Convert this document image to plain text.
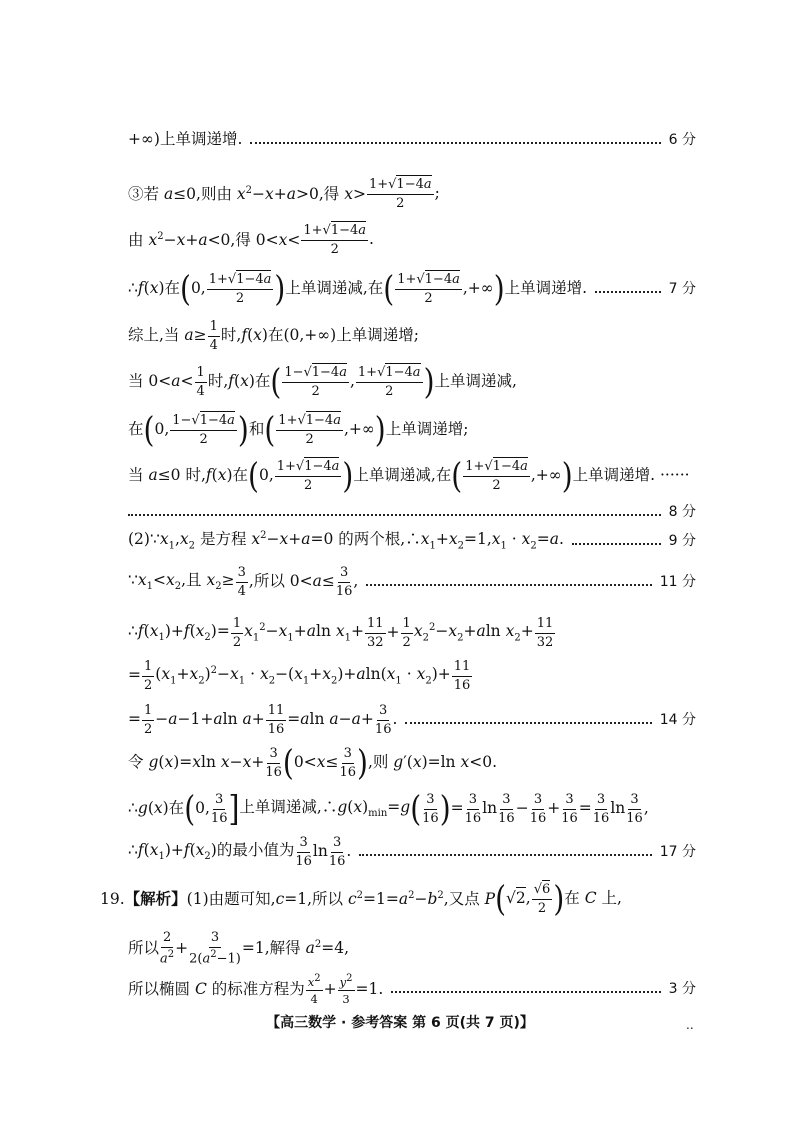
+∞)上单调递增.	6 分
③若 a≤0,则由 $x^2-x+a>0$,得 x>
1+√1−4a
2
;
由 $x^2-x+a<0$,得 0<x<
1+√1−4a
2
.
∴f(x)在 ( 0, 1+√1−4a
2 ) 上单调递减,在 ( 1+√1−4a
2
,+∞ ) 上单调递增.	7 分
综上,当 $a\ge \frac{1}{4}$ 时,f(x)在(0,+∞)上单调递增;
当 0<a< 1
4
时,f(x)在 ( 1−√1−4a
2
, 1+√1−4a
2 ) 上单调递减,
在 ( 0, 1−√1−4a
2 ) 和 ( 1+√1−4a
2
,+∞ ) 上单调递增;
当 a≤0 时,f(x)在 ( 0, 1+√1−4a
2 ) 上单调递减,在 ( 1+√1−4a
2
,+∞ ) 上单调递增. ······
8 分
$(2)\because x_1,x_2$ 是方程 $x^2-x+a=0$ 的两个根$,\therefore x_1+x_2=1,x_1 \cdot x_2=a$.	9 分
$\because x_1<x_2$,且 $x_2\ge \frac{3}{4}$ ,所以 $0<a\le \frac{3}{16}$ ,	11 分
$\therefore f(x_1)+f(x_2)= \frac{1}{2} x_1^2-x_1+aln$ $x_1+ \frac{11}{32} + \frac{1}{2} x_2^2-x_2+aln$ $x_2+ \frac{11}{32}$
= $\frac{1}{2} (x_1+x_2)^2-x_1 \cdot x_2-(x_1+x_2)+aln(x_1 \cdot x_2)+ \frac{11}{16}$
= $\frac{1}{2} -a-1+aln$ $a+ \frac{11}{16} =aln$ $a-a+ \frac{3}{16}$ .	14 分
令 g(x)=xln $x-x+ \frac{3}{16}$ ( $0<x\le \frac{3}{16}$ ) ,则 g′(x)=ln x<0.
∴g(x)在 ( 0, 3
16 ] 上单调递减$,\therefore g(x)_{min}=g$ ( 3
16 ) = $\frac{3}{16}$ ln 3
16
− $\frac{3}{16} + \frac{3}{16} = \frac{3}{16}$ ln 3
16
,
$\therefore f(x_1)+f(x_2)$的最小值为 3
16
ln 3
16
.	17 分
19.【解析】(1)由题可知,c=1,所以 $c^2=1=a^2-b^2$,又点 P ( √2, √6
2 ) 在 C 上,
所以
2
$a^2 + \frac{3}{2(a^2-1)} =1$,解得 $a^2=4$,
所以椭圆 C 的标准方程为 $x^2$
4
+ $\frac{y^2}{3} =1$.	3 分
【高三数学 · 参考答案 第 6 页(共 7 页)】	..
